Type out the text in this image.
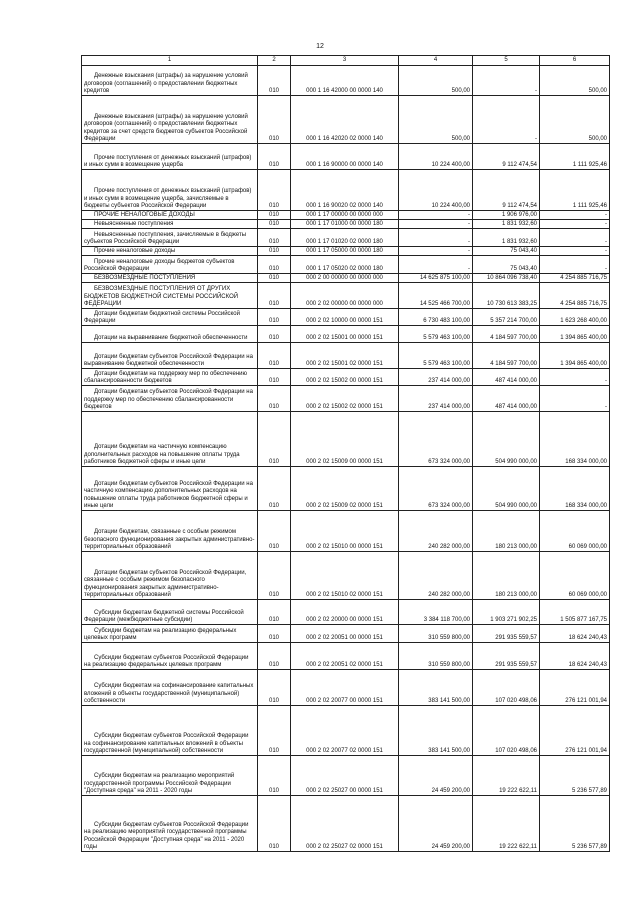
12
1	2	3	4	5	6

Денежные взыскания (штрафы) за нарушение условий договоров (соглашений) о предоставлении бюджетных кредитов	010	000 1 16 42000 00 0000 140	500,00	-	500,00

Денежные взыскания (штрафы) за нарушение условий договоров (соглашений) о предоставлении бюджетных кредитов за счет средств бюджетов субъектов Российской Федерации	010	000 1 16 42020 02 0000 140	500,00	-	500,00

Прочие поступления от денежных взысканий (штрафов) и иных сумм в возмещение ущерба	010	000 1 16 90000 00 0000 140	10 224 400,00	9 112 474,54	1 111 925,46

Прочие поступления от денежных взысканий (штрафов) и иных сумм в возмещение ущерба, зачисляемые в бюджеты субъектов Российской Федерации	010	000 1 16 90020 02 0000 140	10 224 400,00	9 112 474,54	1 111 925,46

ПРОЧИЕ НЕНАЛОГОВЫЕ ДОХОДЫ	010	000 1 17 00000 00 0000 000	-	1 906 976,00	-

Невыясненные поступления	010	000 1 17 01000 00 0000 180	-	1 831 932,60	-

Невыясненные поступления, зачисляемые в бюджеты субъектов Российской Федерации	010	000 1 17 01020 02 0000 180	-	1 831 932,60	-

Прочие неналоговые доходы	010	000 1 17 05000 00 0000 180	-	75 043,40	-

Прочие неналоговые доходы бюджетов субъектов Российской Федерации	010	000 1 17 05020 02 0000 180	-	75 043,40	-

БЕЗВОЗМЕЗДНЫЕ ПОСТУПЛЕНИЯ	010	000 2 00 00000 00 0000 000	14 625 875 100,00	10 864 096 738,40	4 254 885 716,75

БЕЗВОЗМЕЗДНЫЕ ПОСТУПЛЕНИЯ ОТ ДРУГИХ БЮДЖЕТОВ БЮДЖЕТНОЙ СИСТЕМЫ РОССИЙСКОЙ ФЕДЕРАЦИИ	010	000 2 02 00000 00 0000 000	14 525 466 700,00	10 730 613 383,25	4 254 885 716,75

Дотации бюджетам бюджетной системы Российской Федерации	010	000 2 02 10000 00 0000 151	6 730 483 100,00	5 357 214 700,00	1 623 268 400,00

Дотации на выравнивание бюджетной обеспеченности	010	000 2 02 15001 00 0000 151	5 579 463 100,00	4 184 597 700,00	1 394 865 400,00

Дотации бюджетам субъектов Российской Федерации на выравнивание бюджетной обеспеченности	010	000 2 02 15001 02 0000 151	5 579 463 100,00	4 184 597 700,00	1 394 865 400,00

Дотации бюджетам на поддержку мер по обеспечению сбалансированности бюджетов	010	000 2 02 15002 00 0000 151	237 414 000,00	487 414 000,00	-

Дотации бюджетам субъектов Российской Федерации на поддержку мер по обеспечению сбалансированности бюджетов	010	000 2 02 15002 02 0000 151	237 414 000,00	487 414 000,00	-

Дотации бюджетам на частичную компенсацию дополнительных расходов на повышение оплаты труда работников бюджетной сферы и иные цели	010	000 2 02 15009 00 0000 151	673 324 000,00	504 990 000,00	168 334 000,00

Дотации бюджетам субъектов Российской Федерации на частичную компенсацию дополнительных расходов на повышение оплаты труда работников бюджетной сферы и иные цели	010	000 2 02 15009 02 0000 151	673 324 000,00	504 990 000,00	168 334 000,00

Дотации бюджетам, связанные с особым режимом безопасного функционирования закрытых административно-территориальных образований	010	000 2 02 15010 00 0000 151	240 282 000,00	180 213 000,00	60 069 000,00

Дотации бюджетам субъектов Российской Федерации, связанные с особым режимом безопасного функционирования закрытых административно-территориальных образований	010	000 2 02 15010 02 0000 151	240 282 000,00	180 213 000,00	60 069 000,00

Субсидии бюджетам бюджетной системы Российской Федерации (межбюджетные субсидии)	010	000 2 02 20000 00 0000 151	3 384 118 700,00	1 903 271 902,25	1 505 877 167,75

Субсидии бюджетам на реализацию федеральных целевых программ	010	000 2 02 20051 00 0000 151	310 559 800,00	291 935 559,57	18 624 240,43

Субсидии бюджетам субъектов Российской Федерации на реализацию федеральных целевых программ	010	000 2 02 20051 02 0000 151	310 559 800,00	291 935 559,57	18 624 240,43

Субсидии бюджетам на софинансирование капитальных вложений в объекты государственной (муниципальной) собственности	010	000 2 02 20077 00 0000 151	383 141 500,00	107 020 498,06	276 121 001,94

Субсидии бюджетам субъектов Российской Федерации на софинансирование капитальных вложений в объекты государственной (муниципальной) собственности	010	000 2 02 20077 02 0000 151	383 141 500,00	107 020 498,06	276 121 001,94

Субсидии бюджетам на реализацию мероприятий государственной программы Российской Федерации "Доступная среда" на 2011 - 2020 годы	010	000 2 02 25027 00 0000 151	24 459 200,00	19 222 622,11	5 236 577,89

Субсидии бюджетам субъектов Российской Федерации на реализацию мероприятий государственной программы Российской Федерации "Доступная среда" на 2011 - 2020 годы	010	000 2 02 25027 02 0000 151	24 459 200,00	19 222 622,11	5 236 577,89
